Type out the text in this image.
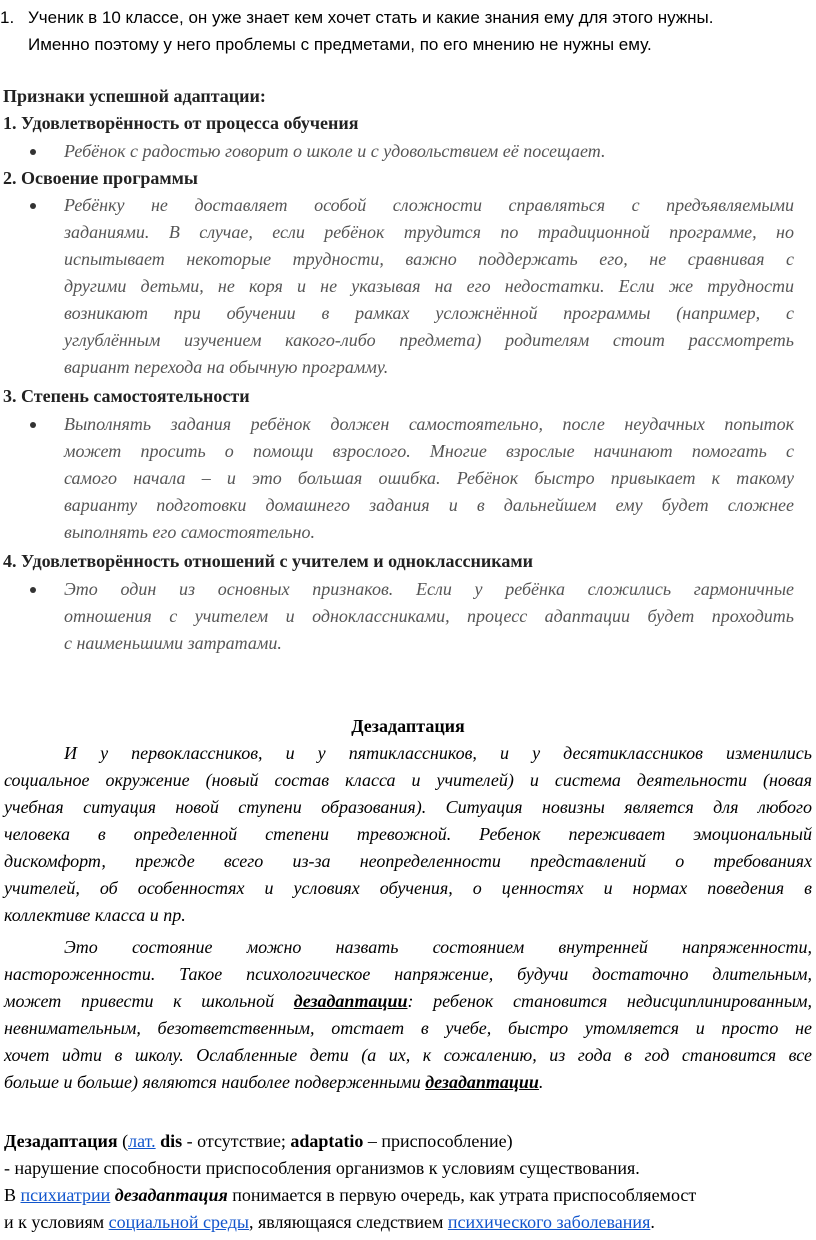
1. Ученик в 10 классе, он уже знает кем хочет стать и какие знания ему для этого нужны.
Именно поэтому у него проблемы с предметами, по его мнению не нужны ему.
Признаки успешной адаптации:
1. Удовлетворённость от процесса обучения
Ребёнок с радостью говорит о школе и с удовольствием её посещает.
2. Освоение программы
Ребёнку не доставляет особой сложности справляться с предъявляемыми
заданиями. В случае, если ребёнок трудится по традиционной программе, но
испытывает некоторые трудности, важно поддержать его, не сравнивая с
другими детьми, не коря и не указывая на его недостатки. Если же трудности
возникают при обучении в рамках усложнённой программы (например, с
углублённым изучением какого-либо предмета) родителям стоит рассмотреть
вариант перехода на обычную программу.
3. Степень самостоятельности
Выполнять задания ребёнок должен самостоятельно, после неудачных попыток
может просить о помощи взрослого. Многие взрослые начинают помогать с
самого начала – и это большая ошибка. Ребёнок быстро привыкает к такому
варианту подготовки домашнего задания и в дальнейшем ему будет сложнее
выполнять его самостоятельно.
4. Удовлетворённость отношений с учителем и одноклассниками
Это один из основных признаков. Если у ребёнка сложились гармоничные
отношения с учителем и одноклассниками, процесс адаптации будет проходить
с наименьшими затратами.
Дезадаптация
И у первоклассников, и у пятиклассников, и у десятиклассников изменились
социальное окружение (новый состав класса и учителей) и система деятельности (новая
учебная ситуация новой ступени образования). Ситуация новизны является для любого
человека в определенной степени тревожной. Ребенок переживает эмоциональный
дискомфорт, прежде всего из-за неопределенности представлений о требованиях
учителей, об особенностях и условиях обучения, о ценностях и нормах поведения в
коллективе класса и пр.
Это состояние можно назвать состоянием внутренней напряженности,
настороженности. Такое психологическое напряжение, будучи достаточно длительным,
может привести к школьной дезадаптации: ребенок становится недисциплинированным,
невнимательным, безответственным, отстает в учебе, быстро утомляется и просто не
хочет идти в школу. Ослабленные дети (а их, к сожалению, из года в год становится все
больше и больше) являются наиболее подверженными дезадаптации.
Дезадаптация (лат. dis - отсутствие; adaptatio – приспособление)
- нарушение способности приспособления организмов к условиям существования.
В психиатрии дезадаптация понимается в первую очередь, как утрата приспособляемост
и к условиям социальной среды, являющаяся следствием психического заболевания.
